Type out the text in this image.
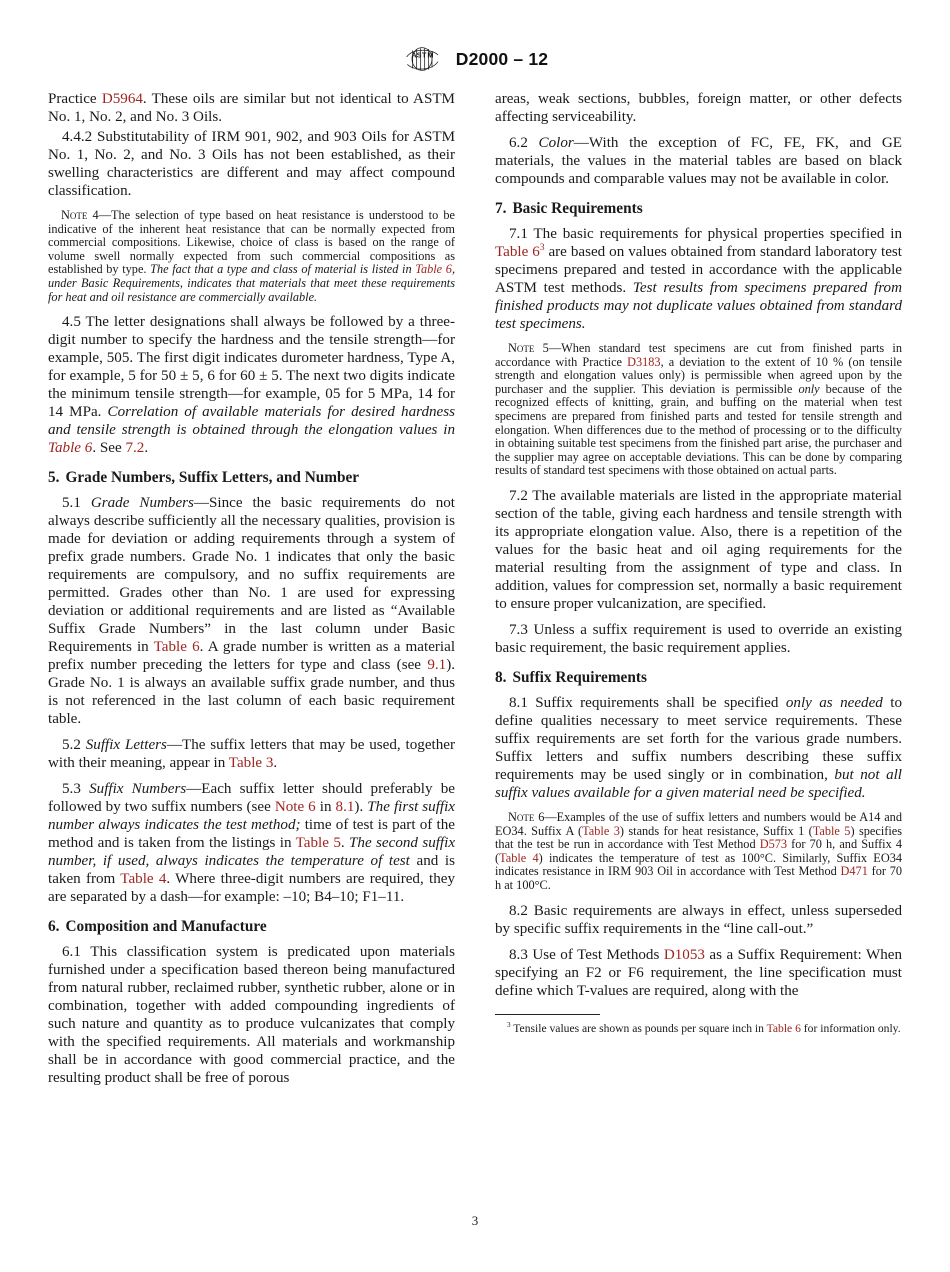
A S T M D2000 – 12

Practice D5964. These oils are similar but not identical to ASTM No. 1, No. 2, and No. 3 Oils.

4.4.2 Substitutability of IRM 901, 902, and 903 Oils for ASTM No. 1, No. 2, and No. 3 Oils has not been established, as their swelling characteristics are different and may affect compound classification.

Note 4—The selection of type based on heat resistance is understood to be indicative of the inherent heat resistance that can be normally expected from commercial compositions. Likewise, choice of class is based on the range of volume swell normally expected from such commercial compositions as established by type. The fact that a type and class of material is listed in Table 6, under Basic Requirements, indicates that materials that meet these requirements for heat and oil resistance are commercially available.

4.5 The letter designations shall always be followed by a three-digit number to specify the hardness and the tensile strength—for example, 505. The first digit indicates durometer hardness, Type A, for example, 5 for 50 ± 5, 6 for 60 ± 5. The next two digits indicate the minimum tensile strength—for example, 05 for 5 MPa, 14 for 14 MPa. Correlation of available materials for desired hardness and tensile strength is obtained through the elongation values in Table 6. See 7.2.

5. Grade Numbers, Suffix Letters, and Number

5.1 Grade Numbers—Since the basic requirements do not always describe sufficiently all the necessary qualities, provision is made for deviation or adding requirements through a system of prefix grade numbers. Grade No. 1 indicates that only the basic requirements are compulsory, and no suffix requirements are permitted. Grades other than No. 1 are used for expressing deviation or additional requirements and are listed as “Available Suffix Grade Numbers” in the last column under Basic Requirements in Table 6. A grade number is written as a material prefix number preceding the letters for type and class (see 9.1). Grade No. 1 is always an available suffix grade number, and thus is not referenced in the last column of each basic requirement table.

5.2 Suffix Letters—The suffix letters that may be used, together with their meaning, appear in Table 3.

5.3 Suffix Numbers—Each suffix letter should preferably be followed by two suffix numbers (see Note 6 in 8.1). The first suffix number always indicates the test method; time of test is part of the method and is taken from the listings in Table 5. The second suffix number, if used, always indicates the temperature of test and is taken from Table 4. Where three-digit numbers are required, they are separated by a dash—for example: –10; B4–10; F1–11.

6. Composition and Manufacture

6.1 This classification system is predicated upon materials furnished under a specification based thereon being manufactured from natural rubber, reclaimed rubber, synthetic rubber, alone or in combination, together with added compounding ingredients of such nature and quantity as to produce vulcanizates that comply with the specified requirements. All materials and workmanship shall be in accordance with good commercial practice, and the resulting product shall be free of porous

areas, weak sections, bubbles, foreign matter, or other defects affecting serviceability.

6.2 Color—With the exception of FC, FE, FK, and GE materials, the values in the material tables are based on black compounds and comparable values may not be available in color.

7. Basic Requirements

7.1 The basic requirements for physical properties specified in Table $6^3$ are based on values obtained from standard laboratory test specimens prepared and tested in accordance with the applicable ASTM test methods. Test results from specimens prepared from finished products may not duplicate values obtained from standard test specimens.

Note 5—When standard test specimens are cut from finished parts in accordance with Practice D3183, a deviation to the extent of 10 % (on tensile strength and elongation values only) is permissible when agreed upon by the purchaser and the supplier. This deviation is permissible only because of the recognized effects of knitting, grain, and buffing on the material when test specimens are prepared from finished parts and tested for tensile strength and elongation. When differences due to the method of processing or to the difficulty in obtaining suitable test specimens from the finished part arise, the purchaser and the supplier may agree on acceptable deviations. This can be done by comparing results of standard test specimens with those obtained on actual parts.

7.2 The available materials are listed in the appropriate material section of the table, giving each hardness and tensile strength with its appropriate elongation value. Also, there is a repetition of the values for the basic heat and oil aging requirements for the material resulting from the assignment of type and class. In addition, values for compression set, normally a basic requirement to ensure proper vulcanization, are specified.

7.3 Unless a suffix requirement is used to override an existing basic requirement, the basic requirement applies.

8. Suffix Requirements

8.1 Suffix requirements shall be specified only as needed to define qualities necessary to meet service requirements. These suffix requirements are set forth for the various grade numbers. Suffix letters and suffix numbers describing these suffix requirements may be used singly or in combination, but not all suffix values available for a given material need be specified.

Note 6—Examples of the use of suffix letters and numbers would be A14 and EO34. Suffix A (Table 3) stands for heat resistance, Suffix 1 (Table 5) specifies that the test be run in accordance with Test Method D573 for 70 h, and Suffix 4 (Table 4) indicates the temperature of test as 100°C. Similarly, Suffix EO34 indicates resistance in IRM 903 Oil in accordance with Test Method D471 for 70 h at 100°C.

8.2 Basic requirements are always in effect, unless superseded by specific suffix requirements in the “line call-out.”

8.3 Use of Test Methods D1053 as a Suffix Requirement: When specifying an F2 or F6 requirement, the line specification must define which T-values are required, along with the

$^3$ Tensile values are shown as pounds per square inch in Table 6 for information only.

3
